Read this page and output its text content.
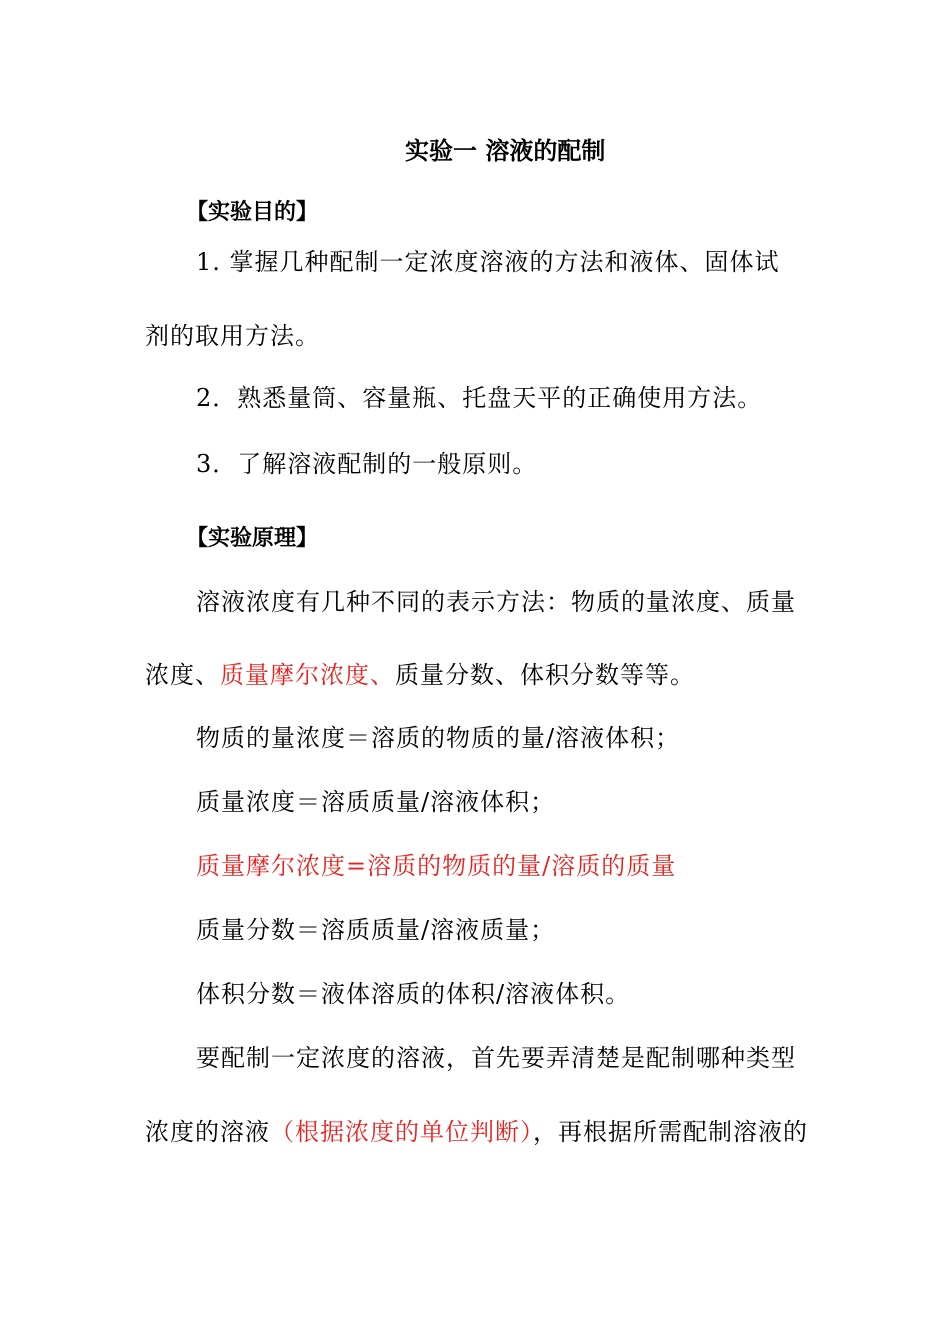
实验一 溶液的配制
【实验目的】
1. 掌握几种配制一定浓度溶液的方法和液体、固体试
剂的取用方法。
2．熟悉量筒、容量瓶、托盘天平的正确使用方法。
3．了解溶液配制的一般原则。
【实验原理】
溶液浓度有几种不同的表示方法：物质的量浓度、质量
浓度、质量摩尔浓度、质量分数、体积分数等等。
物质的量浓度＝溶质的物质的量/溶液体积；
质量浓度＝溶质质量/溶液体积；
质量摩尔浓度=溶质的物质的量/溶质的质量
质量分数＝溶质质量/溶液质量；
体积分数＝液体溶质的体积/溶液体积。
要配制一定浓度的溶液，首先要弄清楚是配制哪种类型
浓度的溶液（根据浓度的单位判断），再根据所需配制溶液的
